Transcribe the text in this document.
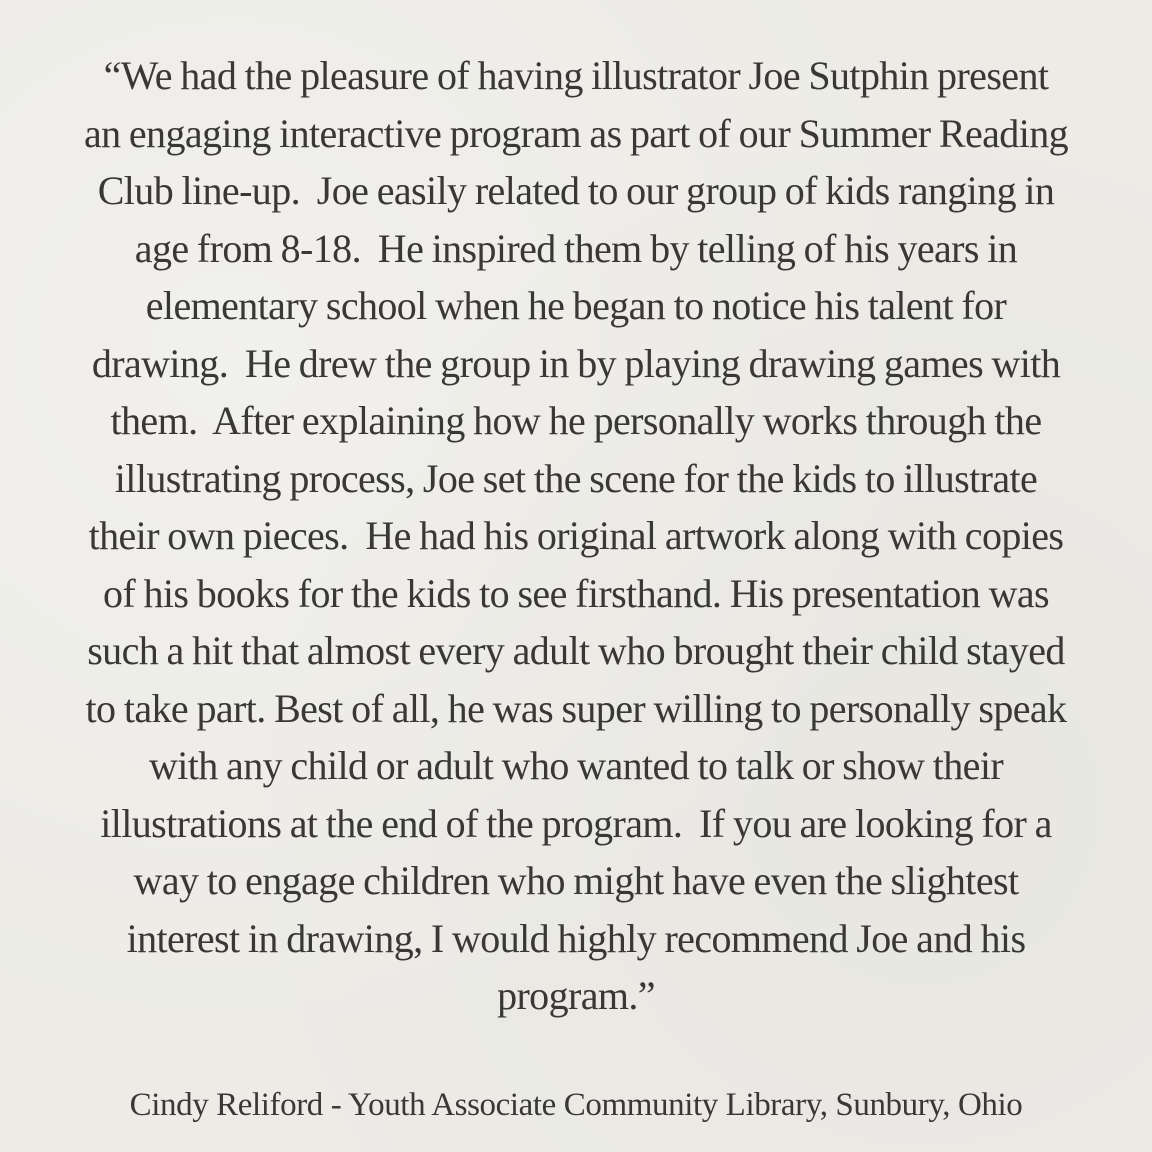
“We had the pleasure of having illustrator Joe Sutphin present
an engaging interactive program as part of our Summer Reading
Club line-up.  Joe easily related to our group of kids ranging in
age from 8-18.  He inspired them by telling of his years in
elementary school when he began to notice his talent for
drawing.  He drew the group in by playing drawing games with
them.  After explaining how he personally works through the
illustrating process, Joe set the scene for the kids to illustrate
their own pieces.  He had his original artwork along with copies
of his books for the kids to see firsthand. His presentation was
such a hit that almost every adult who brought their child stayed
to take part. Best of all, he was super willing to personally speak
with any child or adult who wanted to talk or show their
illustrations at the end of the program.  If you are looking for a
way to engage children who might have even the slightest
interest in drawing, I would highly recommend Joe and his
program.”

Cindy Reliford - Youth Associate Community Library, Sunbury, Ohio
